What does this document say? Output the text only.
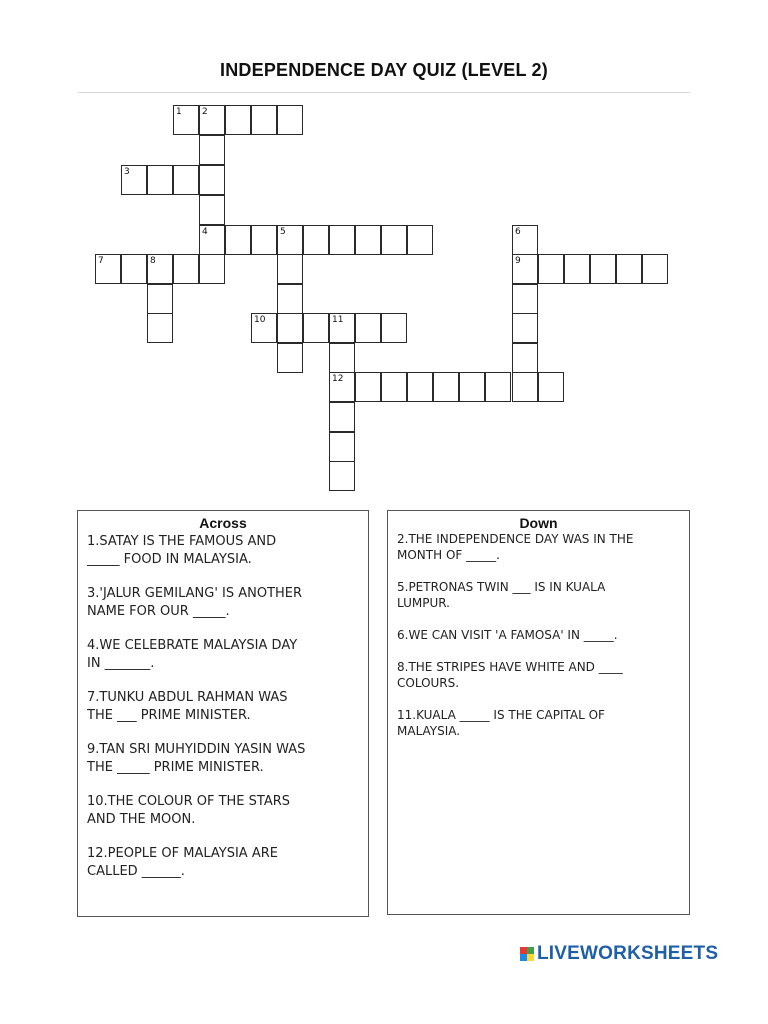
INDEPENDENCE DAY QUIZ (LEVEL 2)
1 2
3
4	5	6
7	8	9
10	11
12
Across
1.SATAY IS THE FAMOUS AND
_____ FOOD IN MALAYSIA.
3.'JALUR GEMILANG' IS ANOTHER
NAME FOR OUR _____.
4.WE CELEBRATE MALAYSIA DAY
IN _______.
7.TUNKU ABDUL RAHMAN WAS
THE ___ PRIME MINISTER.
9.TAN SRI MUHYIDDIN YASIN WAS
THE _____ PRIME MINISTER.
10.THE COLOUR OF THE STARS
AND THE MOON.
12.PEOPLE OF MALAYSIA ARE
CALLED ______.
Down
2.THE INDEPENDENCE DAY WAS IN THE
MONTH OF _____.
5.PETRONAS TWIN ___ IS IN KUALA
LUMPUR.
6.WE CAN VISIT 'A FAMOSA' IN _____.
8.THE STRIPES HAVE WHITE AND ____
COLOURS.
11.KUALA _____ IS THE CAPITAL OF
MALAYSIA.
LIVEWORKSHEETS
